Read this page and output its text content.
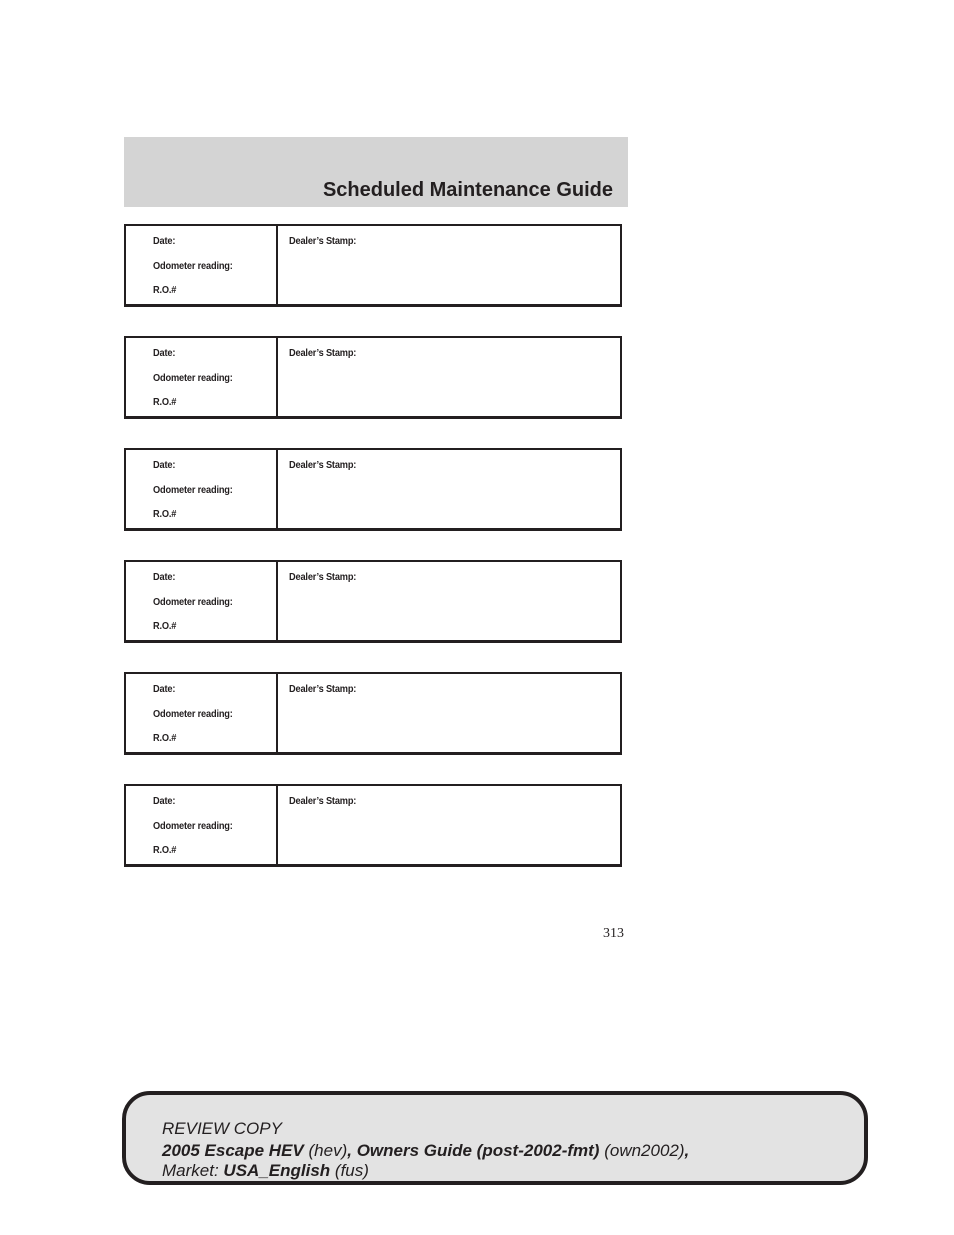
Scheduled Maintenance Guide
Date:
Odometer reading:
R.O.#
Dealer’s Stamp:
Date:
Odometer reading:
R.O.#
Dealer’s Stamp:
Date:
Odometer reading:
R.O.#
Dealer’s Stamp:
Date:
Odometer reading:
R.O.#
Dealer’s Stamp:
Date:
Odometer reading:
R.O.#
Dealer’s Stamp:
Date:
Odometer reading:
R.O.#
Dealer’s Stamp:
313
REVIEW COPY
2005 Escape HEV (hev), Owners Guide (post-2002-fmt) (own2002),
Market: USA_English (fus)
